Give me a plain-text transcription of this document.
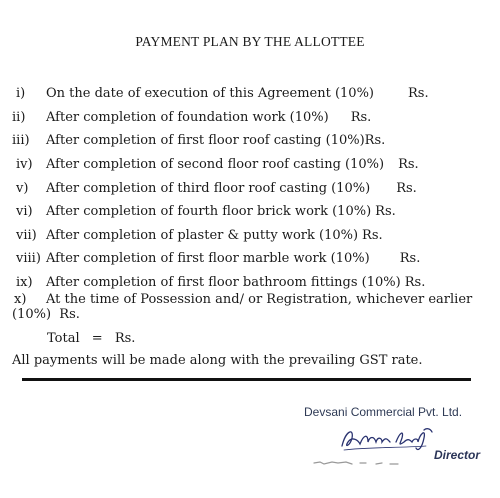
PAYMENT PLAN BY THE ALLOTTEE
i)	On the date of execution of this Agreement (10%)	Rs.
ii)	After completion of foundation work (10%) Rs.
iii)	After completion of first floor roof casting (10%) Rs.
iv)	After completion of second floor roof casting (10%) Rs.
v)	After completion of third floor roof casting (10%) Rs.
vi)	After completion of fourth floor brick work (10%) Rs.
vii) After completion of plaster & putty work (10%) Rs.
viii) After completion of first floor marble work (10%) Rs.
ix)	After completion of first floor bathroom fittings (10%) Rs.
x)	At the time of Possession and/ or Registration, whichever earlier
(10%)  Rs.
Total = Rs.
All payments will be made along with the prevailing GST rate.
Devsani Commercial Pvt. Ltd.
Director
